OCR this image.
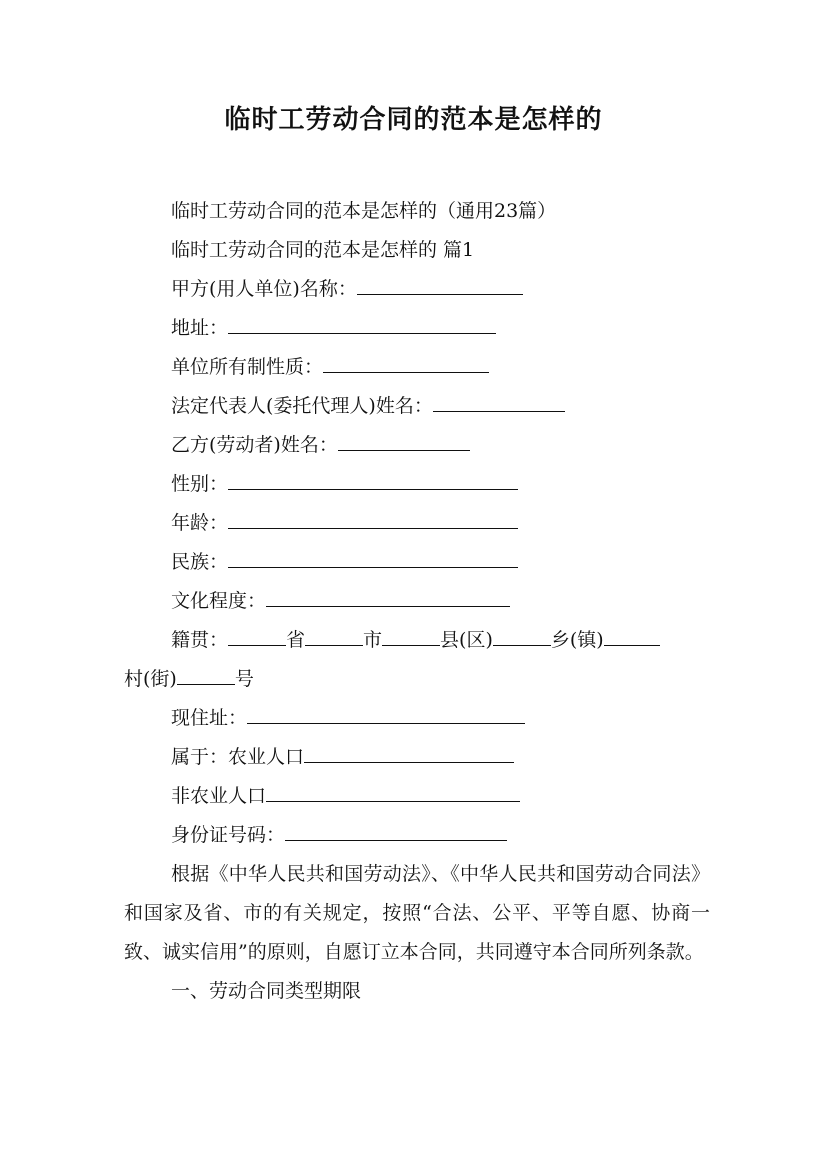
临时工劳动合同的范本是怎样的
临时工劳动合同的范本是怎样的（通用23篇）
临时工劳动合同的范本是怎样的 篇1
甲方(用人单位)名称：
地址：
单位所有制性质：
法定代表人(委托代理人)姓名：
乙方(劳动者)姓名：
性别：
年龄：
民族：
文化程度：
籍贯：	省	市	县(区)	乡(镇)
村(街)	号
现住址：
属于：农业人口
非农业人口
身份证号码：
根据《中华人民共和国劳动法》、《中华人民共和国劳动合同法》和国家及省、市的有关规定，按照“合法、公平、平等自愿、协商一致、诚实信用”的原则，自愿订立本合同，共同遵守本合同所列条款。
一、劳动合同类型期限
